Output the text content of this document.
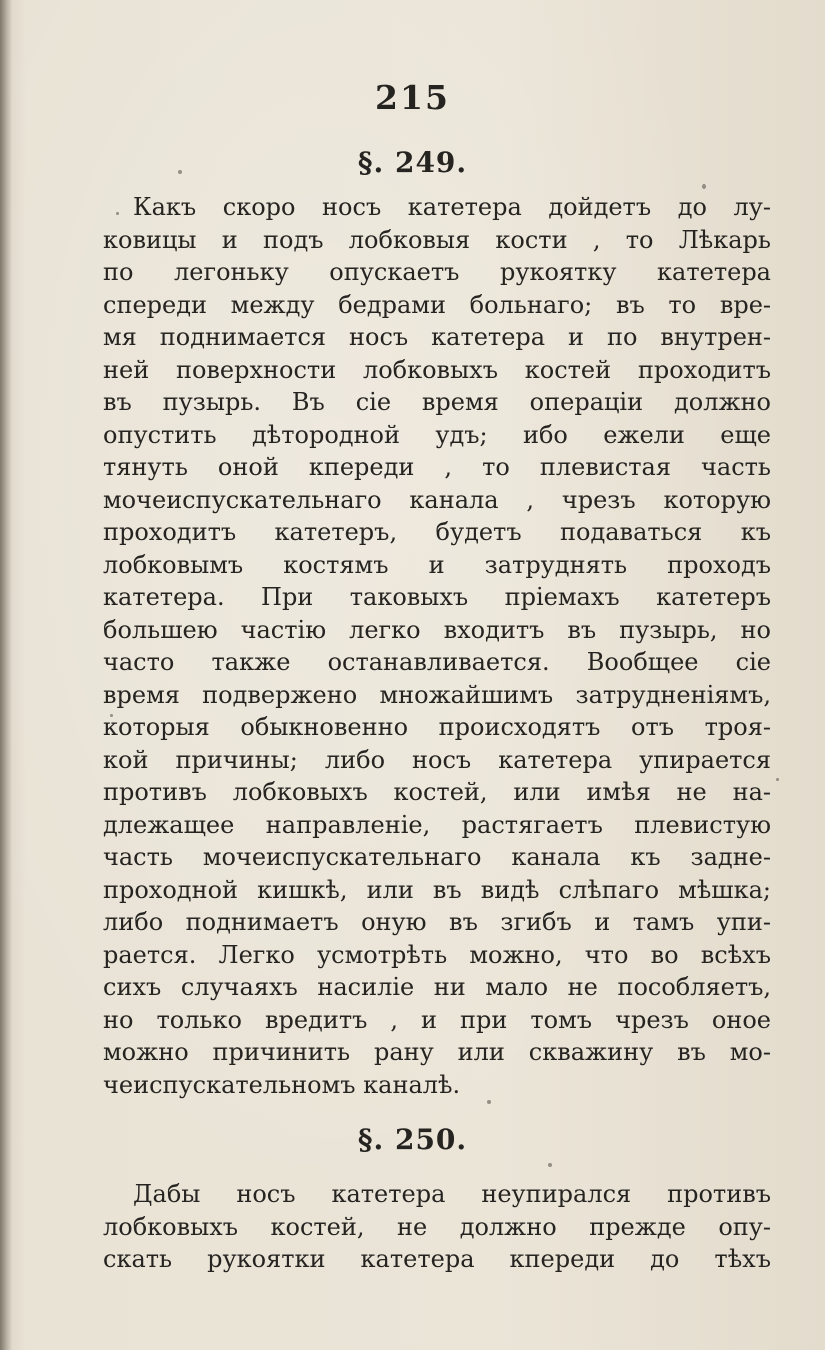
215
§. 249.
Какъ скоро носъ катетера дойдетъ до лу-
ковицы и подъ лобковыя кости , то Лѣкарь
по легоньку опускаетъ рукоятку катетера
спереди между бедрами больнаго; въ то вре-
мя поднимается носъ катетера и по внутрен-
ней поверхности лобковыхъ костей проходитъ
въ пузырь. Въ сіе время операціи должно
опустить дѣтородной удъ; ибо ежели еще
тянуть оной кпереди , то плевистая часть
мочеиспускательнаго канала , чрезъ которую
проходитъ катетеръ, будетъ подаваться къ
лобковымъ костямъ и затруднять проходъ
катетера. При таковыхъ пріемахъ катетеръ
большею частію легко входитъ въ пузырь, но
часто также останавливается. Вообщее сіе
время подвержено множайшимъ затрудненіямъ,
которыя обыкновенно происходятъ отъ троя-
кой причины; либо носъ катетера упирается
противъ лобковыхъ костей, или имѣя не на-
длежащее направленіе, растягаетъ плевистую
часть мочеиспускательнаго канала къ задне-
проходной кишкѣ, или въ видѣ слѣпаго мѣшка;
либо поднимаетъ оную въ згибъ и тамъ упи-
рается. Легко усмотрѣть можно, что во всѣхъ
сихъ случаяхъ насиліе ни мало не пособляетъ,
но только вредитъ , и при томъ чрезъ оное
можно причинить рану или скважину въ мо-
чеиспускательномъ каналѣ.
§. 250.
Дабы носъ катетера неупирался противъ
лобковыхъ костей, не должно прежде опу-
скать рукоятки катетера кпереди до тѣхъ
